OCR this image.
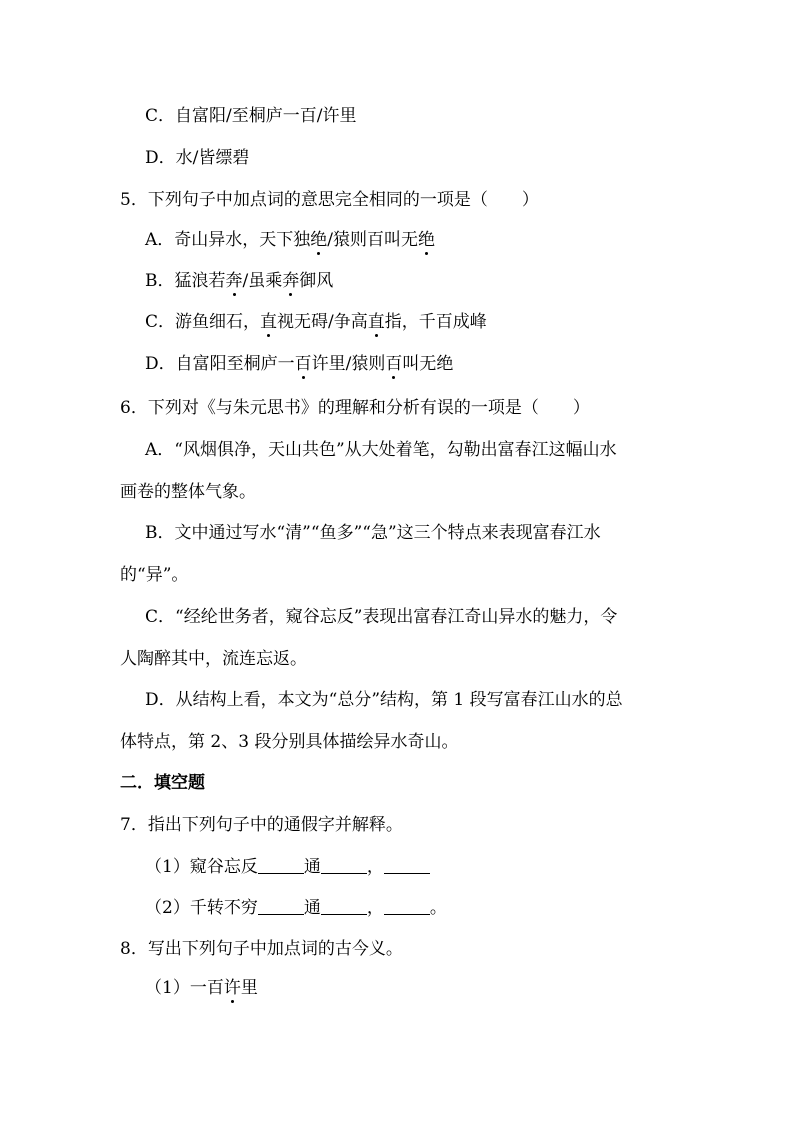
C．自富阳/至桐庐一百/许里
D．水/皆缥碧
5．下列句子中加点词的意思完全相同的一项是（　　）
A．奇山异水，天下独绝/猿则百叫无绝
B．猛浪若奔/虽乘奔御风
C．游鱼细石，直视无碍/争高直指，千百成峰
D．自富阳至桐庐一百许里/猿则百叫无绝
6．下列对《与朱元思书》的理解和分析有误的一项是（　　）
A．“风烟俱净，天山共色”从大处着笔，勾勒出富春江这幅山水
画卷的整体气象。
B．文中通过写水“清”“鱼多”“急”这三个特点来表现富春江水
的“异”。
C．“经纶世务者，窥谷忘反”表现出富春江奇山异水的魅力，令
人陶醉其中，流连忘返。
D．从结构上看，本文为“总分”结构，第 1 段写富春江山水的总
体特点，第 2、3 段分别具体描绘异水奇山。
二．填空题
7．指出下列句子中的通假字并解释。
（1）窥谷忘反	通	，
（2）千转不穷	通	，	。
8．写出下列句子中加点词的古今义。
（1）一百许里
